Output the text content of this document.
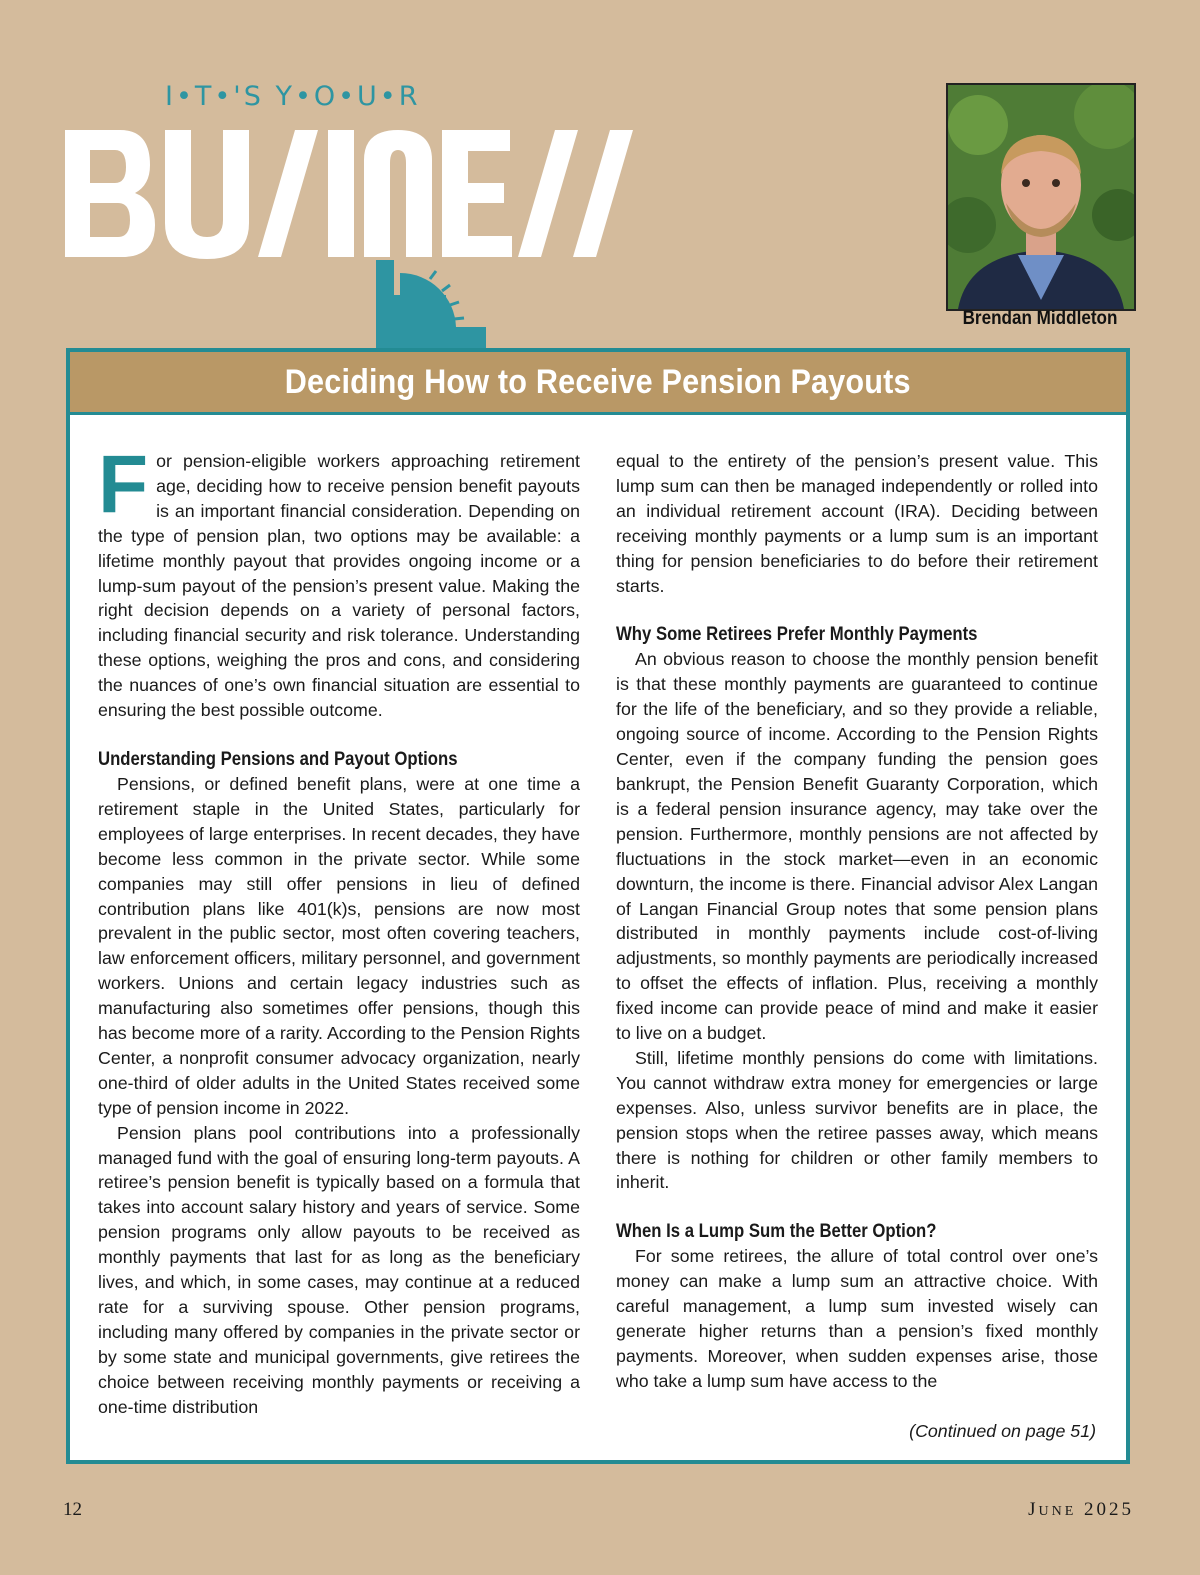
I•T•'S Y•O•U•R
Brendan Middleton
Deciding How to Receive Pension Payouts

For pension-eligible workers approaching retirement age, deciding how to receive pension benefit payouts is an important financial consideration. Depending on the type of pension plan, two options may be available: a lifetime monthly payout that provides ongoing income or a lump-sum payout of the pension’s present value. Making the right decision depends on a variety of personal factors, including financial security and risk tolerance. Understanding these options, weighing the pros and cons, and considering the nuances of one’s own financial situation are essential to ensuring the best possible outcome.

Understanding Pensions and Payout Options

Pensions, or defined benefit plans, were at one time a retirement staple in the United States, particularly for employees of large enterprises. In recent decades, they have become less common in the private sector. While some companies may still offer pensions in lieu of defined contribution plans like 401(k)s, pensions are now most prevalent in the public sector, most often covering teachers, law enforcement officers, military personnel, and government workers. Unions and certain legacy industries such as manufacturing also sometimes offer pensions, though this has become more of a rarity. According to the Pension Rights Center, a nonprofit consumer advocacy organization, nearly one-third of older adults in the United States received some type of pension income in 2022.

Pension plans pool contributions into a professionally managed fund with the goal of ensuring long-term payouts. A retiree’s pension benefit is typically based on a formula that takes into account salary history and years of service. Some pension programs only allow payouts to be received as monthly payments that last for as long as the beneficiary lives, and which, in some cases, may continue at a reduced rate for a surviving spouse. Other pension programs, including many offered by companies in the private sector or by some state and municipal governments, give retirees the choice between receiving monthly payments or receiving a one-time distribution

equal to the entirety of the pension’s present value. This lump sum can then be managed independently or rolled into an individual retirement account (IRA). Deciding between receiving monthly payments or a lump sum is an important thing for pension beneficiaries to do before their retirement starts.

Why Some Retirees Prefer Monthly Payments

An obvious reason to choose the monthly pension benefit is that these monthly payments are guaranteed to continue for the life of the beneficiary, and so they provide a reliable, ongoing source of income. According to the Pension Rights Center, even if the company funding the pension goes bankrupt, the Pension Benefit Guaranty Corporation, which is a federal pension insurance agency, may take over the pension. Furthermore, monthly pensions are not affected by fluctuations in the stock market—even in an economic downturn, the income is there. Financial advisor Alex Langan of Langan Financial Group notes that some pension plans distributed in monthly payments include cost-of-living adjustments, so monthly payments are periodically increased to offset the effects of inflation. Plus, receiving a monthly fixed income can provide peace of mind and make it easier to live on a budget.

Still, lifetime monthly pensions do come with limitations. You cannot withdraw extra money for emergencies or large expenses. Also, unless survivor benefits are in place, the pension stops when the retiree passes away, which means there is nothing for children or other family members to inherit.

When Is a Lump Sum the Better Option?

For some retirees, the allure of total control over one’s money can make a lump sum an attractive choice. With careful management, a lump sum invested wisely can generate higher returns than a pension’s fixed monthly payments. Moreover, when sudden expenses arise, those who take a lump sum have access to the

(Continued on page 51)
12	JUNE 2025
